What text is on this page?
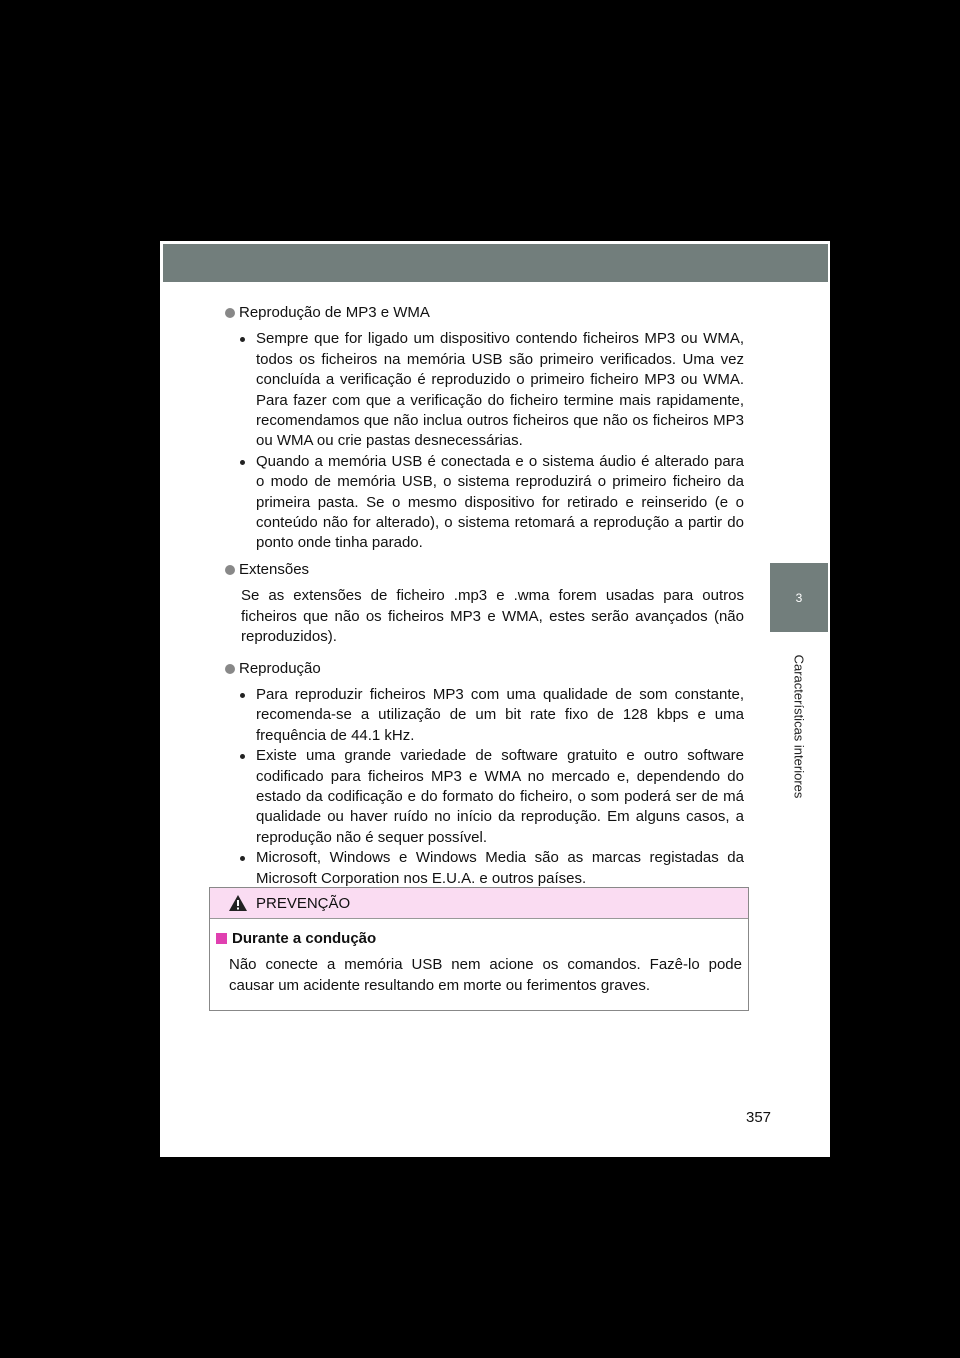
3
Características interiores
Reprodução de MP3 e WMA
Sempre que for ligado um dispositivo contendo ficheiros MP3 ou WMA, todos os ficheiros na memória USB são primeiro verificados. Uma vez concluída a verificação é reproduzido o primeiro ficheiro MP3 ou WMA. Para fazer com que a verificação do ficheiro termine mais rapidamente, recomendamos que não inclua outros ficheiros que não os ficheiros MP3 ou WMA ou crie pastas desnecessárias.
Quando a memória USB é conectada e o sistema áudio é alterado para o modo de memória USB, o sistema reproduzirá o primeiro ficheiro da primeira pasta. Se o mesmo dispositivo for retirado e reinserido (e o conteúdo não for alterado), o sistema retomará a reprodução a partir do ponto onde tinha parado.
Extensões

Se as extensões de ficheiro .mp3 e .wma forem usadas para outros ficheiros que não os ficheiros MP3 e WMA, estes serão avançados (não reproduzidos).

Reprodução
Para reproduzir ficheiros MP3 com uma qualidade de som constante, recomenda-se a utilização de um bit rate fixo de 128 kbps e uma frequência de 44.1 kHz.
Existe uma grande variedade de software gratuito e outro software codificado para ficheiros MP3 e WMA no mercado e, dependendo do estado da codificação e do formato do ficheiro, o som poderá ser de má qualidade ou haver ruído no início da reprodução. Em alguns casos, a reprodução não é sequer possível.
Microsoft, Windows e Windows Media são as marcas registadas da Microsoft Corporation nos E.U.A. e outros países.
PREVENÇÃO
Durante a condução
Não conecte a memória USB nem acione os comandos. Fazê-lo pode causar um acidente resultando em morte ou ferimentos graves.
357
